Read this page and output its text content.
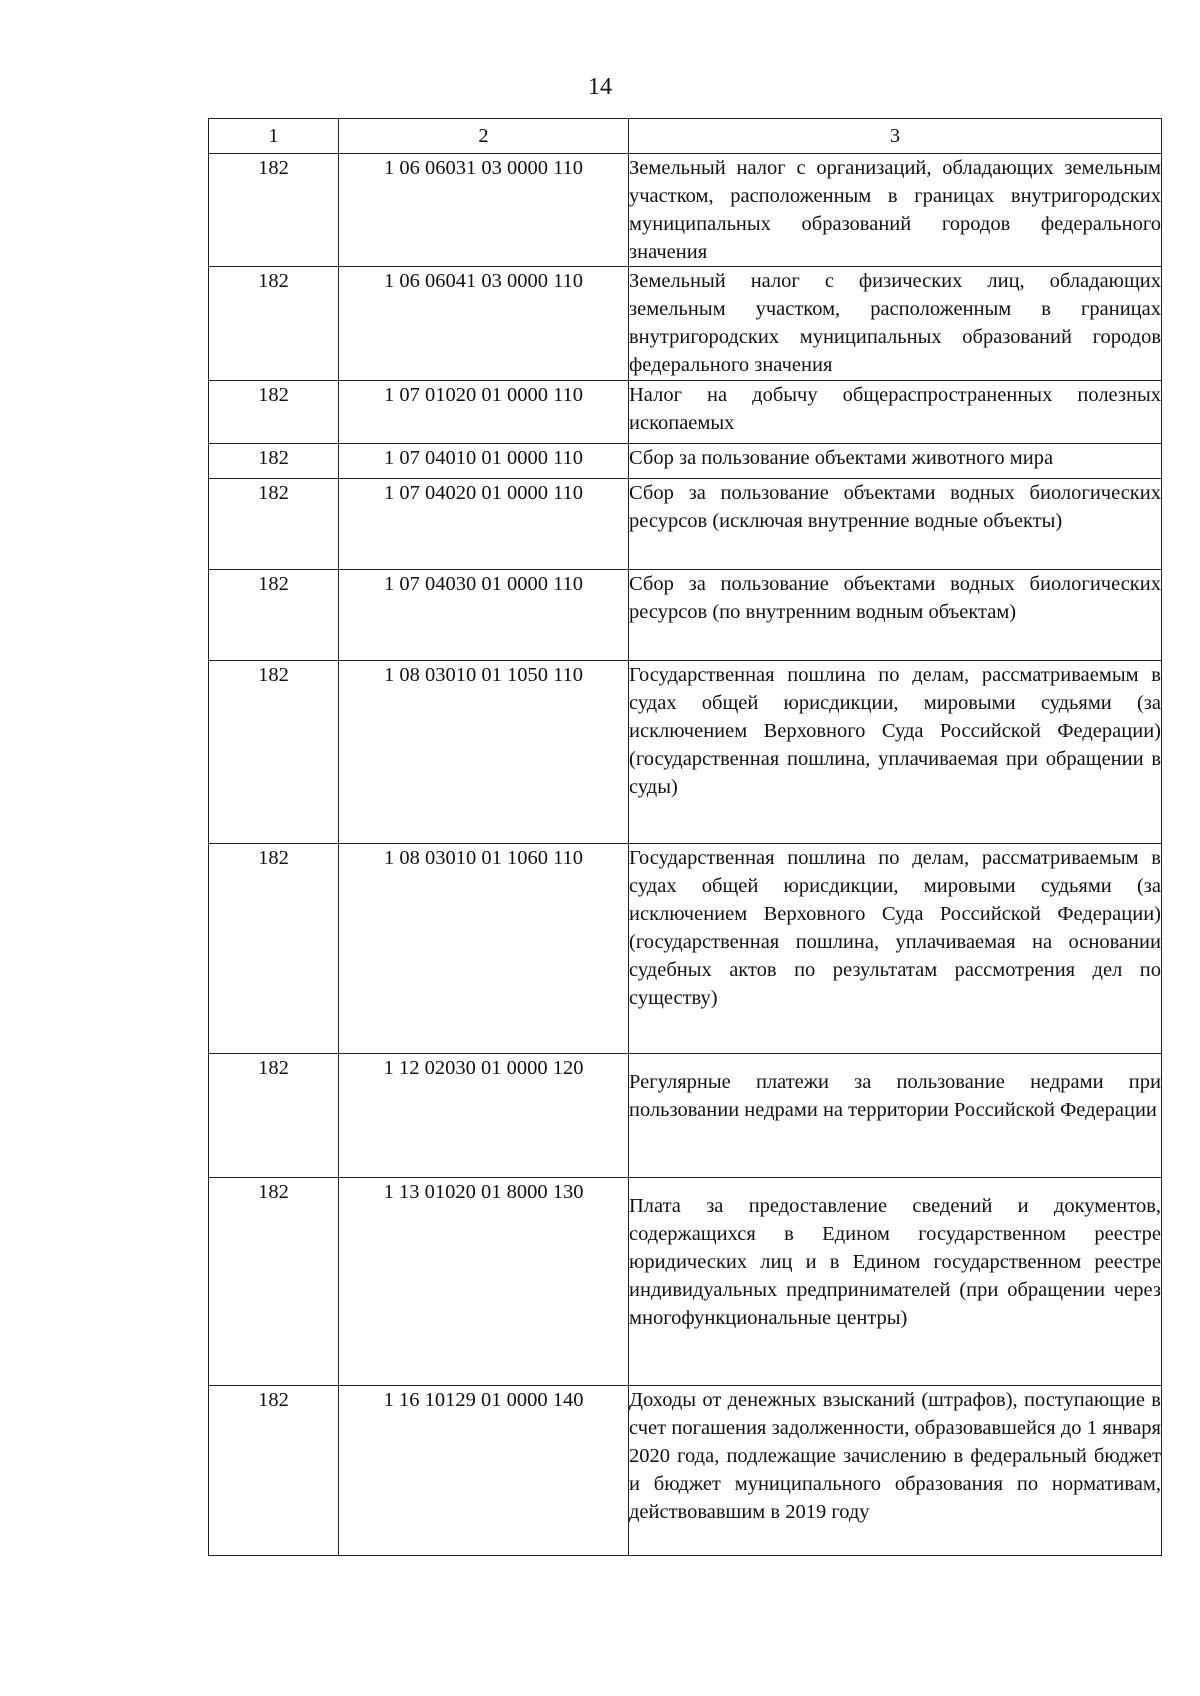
14
1	2	3
182	1 06 06031 03 0000 110	Земельный налог с организаций, обладающих земельным участком, расположенным в границах внутригородских муниципальных образований городов федерального значения
182	1 06 06041 03 0000 110	Земельный налог с физических лиц, обладающих земельным участком, расположенным в границах внутригородских муниципальных образований городов федерального значения
182	1 07 01020 01 0000 110	Налог на добычу общераспространенных полезных ископаемых
182	1 07 04010 01 0000 110	Сбор за пользование объектами животного мира
182	1 07 04020 01 0000 110	Сбор за пользование объектами водных биологических ресурсов (исключая внутренние водные объекты)
182	1 07 04030 01 0000 110	Сбор за пользование объектами водных биологических ресурсов (по внутренним водным объектам)
182	1 08 03010 01 1050 110	Государственная пошлина по делам, рассматриваемым в судах общей юрисдикции, мировыми судьями (за исключением Верховного Суда Российской Федерации) (государственная пошлина, уплачиваемая при обращении в суды)
182	1 08 03010 01 1060 110	Государственная пошлина по делам, рассматриваемым в судах общей юрисдикции, мировыми судьями (за исключением Верховного Суда Российской Федерации) (государственная пошлина, уплачиваемая на основании судебных актов по результатам рассмотрения дел по существу)
182	1 12 02030 01 0000 120	Регулярные платежи за пользование недрами при пользовании недрами на территории Российской Федерации
182	1 13 01020 01 8000 130	Плата за предоставление сведений и документов, содержащихся в Едином государственном реестре юридических лиц и в Едином государственном реестре индивидуальных предпринимателей (при обращении через многофункциональные центры)
182	1 16 10129 01 0000 140	Доходы от денежных взысканий (штрафов), поступающие в счет погашения задолженности, образовавшейся до 1 января 2020 года, подлежащие зачислению в федеральный бюджет и бюджет муниципального образования по нормативам, действовавшим в 2019 году
